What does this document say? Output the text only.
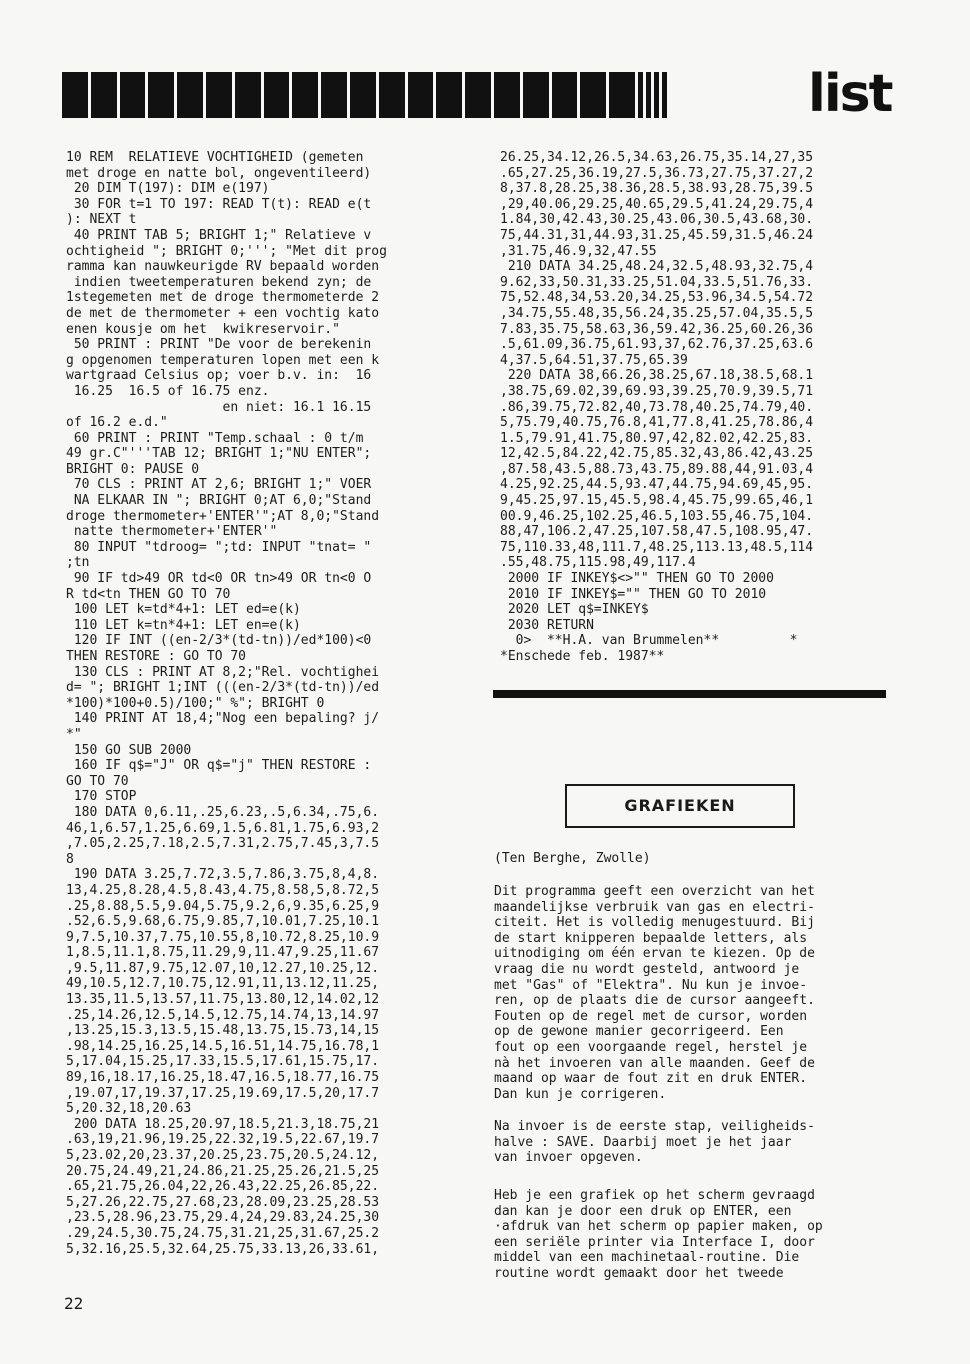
list
10 REM  RELATIEVE VOCHTIGHEID (gemeten
met droge en natte bol, ongeventileerd)
20 DIM T(197): DIM e(197)
30 FOR t=1 TO 197: READ T(t): READ e(t
): NEXT t
40 PRINT TAB 5; BRIGHT 1;" Relatieve v
ochtigheid "; BRIGHT 0;'''; "Met dit prog
ramma kan nauwkeurigde RV bepaald worden
indien tweetemperaturen bekend zyn; de
1stegemeten met de droge thermometerde 2
de met de thermometer + een vochtig kato
enen kousje om het  kwikreservoir."
50 PRINT : PRINT "De voor de berekenin
g opgenomen temperaturen lopen met een k
wartgraad Celsius op; voer b.v. in:  16
16.25  16.5 of 16.75 enz.
en niet: 16.1 16.15
of 16.2 e.d."
60 PRINT : PRINT "Temp.schaal : 0 t/m
49 gr.C"'''TAB 12; BRIGHT 1;"NU ENTER";
BRIGHT 0: PAUSE 0
70 CLS : PRINT AT 2,6; BRIGHT 1;" VOER
NA ELKAAR IN "; BRIGHT 0;AT 6,0;"Stand
droge thermometer+'ENTER'";AT 8,0;"Stand
natte thermometer+'ENTER'"
80 INPUT "tdroog= ";td: INPUT "tnat= "
;tn
90 IF td>49 OR td<0 OR tn>49 OR tn<0 O
R td<tn THEN GO TO 70
100 LET k=td*4+1: LET ed=e(k)
110 LET k=tn*4+1: LET en=e(k)
120 IF INT ((en-2/3*(td-tn))/ed*100)<0
THEN RESTORE : GO TO 70
130 CLS : PRINT AT 8,2;"Rel. vochtighei
d= "; BRIGHT 1;INT (((en-2/3*(td-tn))/ed
*100)*100+0.5)/100;" %"; BRIGHT 0
140 PRINT AT 18,4;"Nog een bepaling? j/
*"
150 GO SUB 2000
160 IF q$="J" OR q$="j" THEN RESTORE :
GO TO 70
170 STOP
180 DATA 0,6.11,.25,6.23,.5,6.34,.75,6.
46,1,6.57,1.25,6.69,1.5,6.81,1.75,6.93,2
,7.05,2.25,7.18,2.5,7.31,2.75,7.45,3,7.5
8
190 DATA 3.25,7.72,3.5,7.86,3.75,8,4,8.
13,4.25,8.28,4.5,8.43,4.75,8.58,5,8.72,5
.25,8.88,5.5,9.04,5.75,9.2,6,9.35,6.25,9
.52,6.5,9.68,6.75,9.85,7,10.01,7.25,10.1
9,7.5,10.37,7.75,10.55,8,10.72,8.25,10.9
1,8.5,11.1,8.75,11.29,9,11.47,9.25,11.67
,9.5,11.87,9.75,12.07,10,12.27,10.25,12.
49,10.5,12.7,10.75,12.91,11,13.12,11.25,
13.35,11.5,13.57,11.75,13.80,12,14.02,12
.25,14.26,12.5,14.5,12.75,14.74,13,14.97
,13.25,15.3,13.5,15.48,13.75,15.73,14,15
.98,14.25,16.25,14.5,16.51,14.75,16.78,1
5,17.04,15.25,17.33,15.5,17.61,15.75,17.
89,16,18.17,16.25,18.47,16.5,18.77,16.75
,19.07,17,19.37,17.25,19.69,17.5,20,17.7
5,20.32,18,20.63
200 DATA 18.25,20.97,18.5,21.3,18.75,21
.63,19,21.96,19.25,22.32,19.5,22.67,19.7
5,23.02,20,23.37,20.25,23.75,20.5,24.12,
20.75,24.49,21,24.86,21.25,25.26,21.5,25
.65,21.75,26.04,22,26.43,22.25,26.85,22.
5,27.26,22.75,27.68,23,28.09,23.25,28.53
,23.5,28.96,23.75,29.4,24,29.83,24.25,30
.29,24.5,30.75,24.75,31.21,25,31.67,25.2
5,32.16,25.5,32.64,25.75,33.13,26,33.61,
26.25,34.12,26.5,34.63,26.75,35.14,27,35
.65,27.25,36.19,27.5,36.73,27.75,37.27,2
8,37.8,28.25,38.36,28.5,38.93,28.75,39.5
,29,40.06,29.25,40.65,29.5,41.24,29.75,4
1.84,30,42.43,30.25,43.06,30.5,43.68,30.
75,44.31,31,44.93,31.25,45.59,31.5,46.24
,31.75,46.9,32,47.55
210 DATA 34.25,48.24,32.5,48.93,32.75,4
9.62,33,50.31,33.25,51.04,33.5,51.76,33.
75,52.48,34,53.20,34.25,53.96,34.5,54.72
,34.75,55.48,35,56.24,35.25,57.04,35.5,5
7.83,35.75,58.63,36,59.42,36.25,60.26,36
.5,61.09,36.75,61.93,37,62.76,37.25,63.6
4,37.5,64.51,37.75,65.39
220 DATA 38,66.26,38.25,67.18,38.5,68.1
,38.75,69.02,39,69.93,39.25,70.9,39.5,71
.86,39.75,72.82,40,73.78,40.25,74.79,40.
5,75.79,40.75,76.8,41,77.8,41.25,78.86,4
1.5,79.91,41.75,80.97,42,82.02,42.25,83.
12,42.5,84.22,42.75,85.32,43,86.42,43.25
,87.58,43.5,88.73,43.75,89.88,44,91.03,4
4.25,92.25,44.5,93.47,44.75,94.69,45,95.
9,45.25,97.15,45.5,98.4,45.75,99.65,46,1
00.9,46.25,102.25,46.5,103.55,46.75,104.
88,47,106.2,47.25,107.58,47.5,108.95,47.
75,110.33,48,111.7,48.25,113.13,48.5,114
.55,48.75,115.98,49,117.4
2000 IF INKEY$<>"" THEN GO TO 2000
2010 IF INKEY$="" THEN GO TO 2010
2020 LET q$=INKEY$
2030 RETURN
0>  **H.A. van Brummelen**         *
*Enschede feb. 1987**
GRAFIEKEN
(Ten Berghe, Zwolle)
Dit programma geeft een overzicht van het
maandelijkse verbruik van gas en electri-
citeit. Het is volledig menugestuurd. Bij
de start knipperen bepaalde letters, als
uitnodiging om één ervan te kiezen. Op de
vraag die nu wordt gesteld, antwoord je
met "Gas" of "Elektra". Nu kun je invoe-
ren, op de plaats die de cursor aangeeft.
Fouten op de regel met de cursor, worden
op de gewone manier gecorrigeerd. Een
fout op een voorgaande regel, herstel je
nà het invoeren van alle maanden. Geef de
maand op waar de fout zit en druk ENTER.
Dan kun je corrigeren.
Na invoer is de eerste stap, veiligheids-
halve : SAVE. Daarbij moet je het jaar
van invoer opgeven.
Heb je een grafiek op het scherm gevraagd
dan kan je door een druk op ENTER, een
·afdruk van het scherm op papier maken, op
een seriële printer via Interface I, door
middel van een machinetaal-routine. Die
routine wordt gemaakt door het tweede
22
